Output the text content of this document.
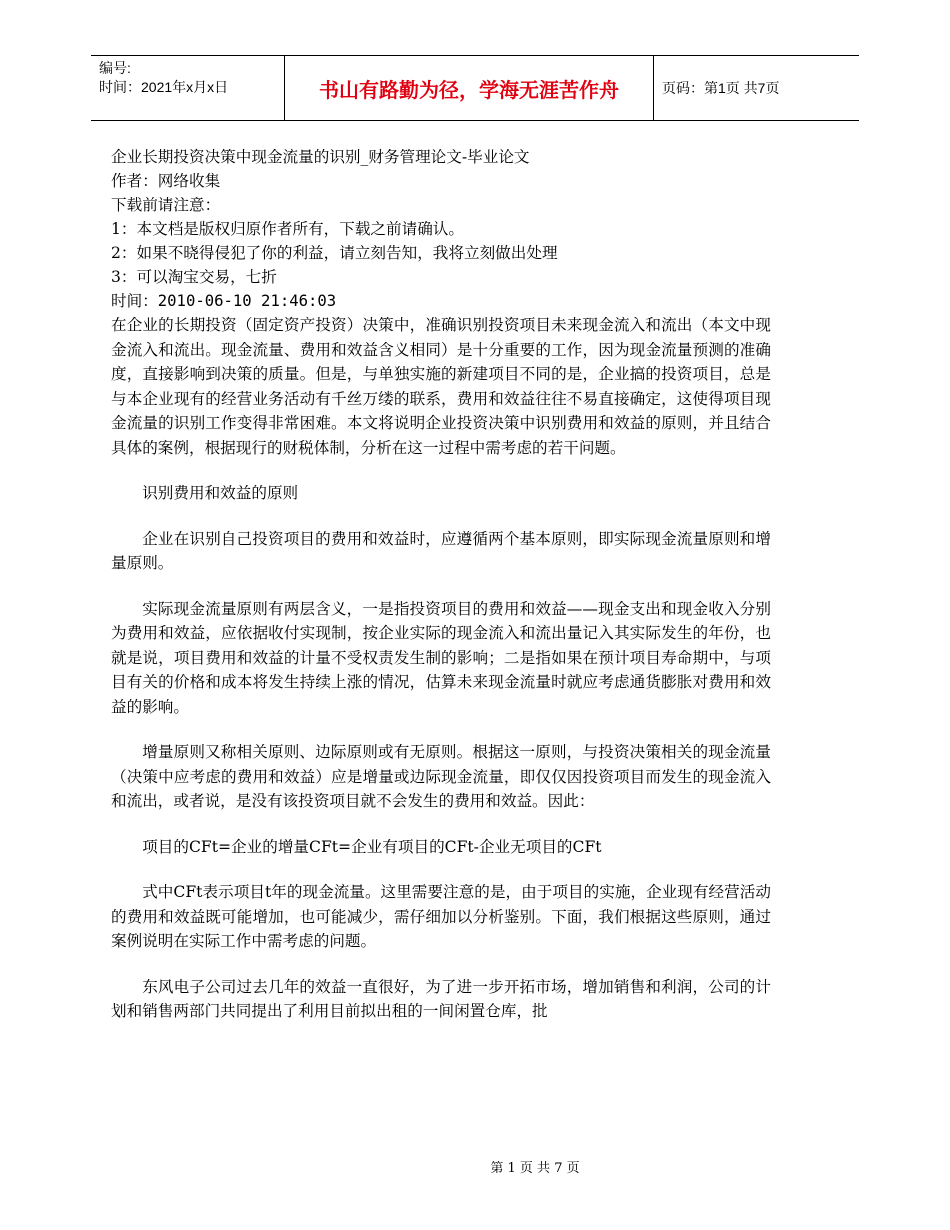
编号:
时间：2021年x月x日	书山有路勤为径，学海无涯苦作舟	页码：第1页 共7页
企业长期投资决策中现金流量的识别_财务管理论文-毕业论文
作者：网络收集
下载前请注意：
1：本文档是版权归原作者所有，下载之前请确认。
2：如果不晓得侵犯了你的利益，请立刻告知，我将立刻做出处理
3：可以淘宝交易，七折
时间：2010-06-10 21:46:03

在企业的长期投资（固定资产投资）决策中，准确识别投资项目未来现金流入和流出（本文中现金流入和流出。现金流量、费用和效益含义相同）是十分重要的工作，因为现金流量预测的准确度，直接影响到决策的质量。但是，与单独实施的新建项目不同的是，企业搞的投资项目，总是与本企业现有的经营业务活动有千丝万缕的联系，费用和效益往往不易直接确定，这使得项目现金流量的识别工作变得非常困难。本文将说明企业投资决策中识别费用和效益的原则，并且结合具体的案例，根据现行的财税体制，分析在这一过程中需考虑的若干问题。

识别费用和效益的原则

企业在识别自己投资项目的费用和效益时，应遵循两个基本原则，即实际现金流量原则和增量原则。

实际现金流量原则有两层含义，一是指投资项目的费用和效益——现金支出和现金收入分别为费用和效益，应依据收付实现制，按企业实际的现金流入和流出量记入其实际发生的年份，也就是说，项目费用和效益的计量不受权责发生制的影响；二是指如果在预计项目寿命期中，与项目有关的价格和成本将发生持续上涨的情况，估算未来现金流量时就应考虑通货膨胀对费用和效益的影响。

增量原则又称相关原则、边际原则或有无原则。根据这一原则，与投资决策相关的现金流量（决策中应考虑的费用和效益）应是增量或边际现金流量，即仅仅因投资项目而发生的现金流入和流出，或者说，是没有该投资项目就不会发生的费用和效益。因此：

项目的CFt=企业的增量CFt=企业有项目的CFt-企业无项目的CFt

式中CFt表示项目t年的现金流量。这里需要注意的是，由于项目的实施，企业现有经营活动的费用和效益既可能增加，也可能减少，需仔细加以分析鉴别。下面，我们根据这些原则，通过案例说明在实际工作中需考虑的问题。

东风电子公司过去几年的效益一直很好，为了进一步开拓市场，增加销售和利润，公司的计划和销售两部门共同提出了利用目前拟出租的一间闲置仓库，批

第 1 页 共 7 页
